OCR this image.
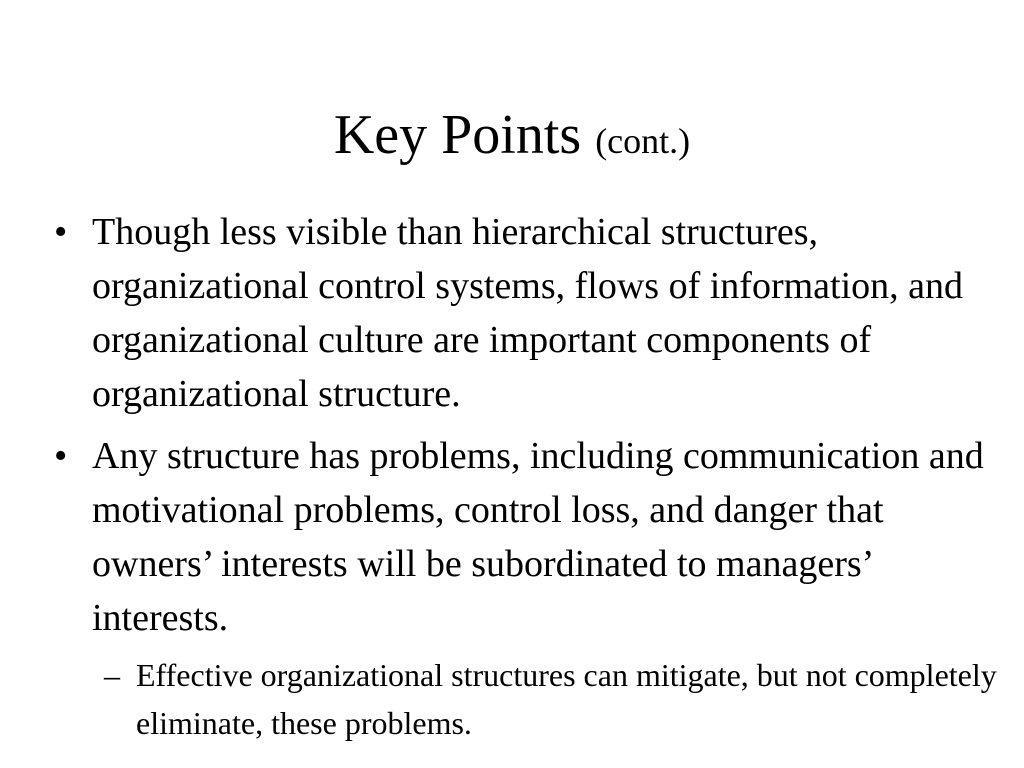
Key Points (cont.)
• Though less visible than hierarchical structures, organizational control systems, flows of information, and organizational culture are important components of organizational structure.
• Any structure has problems, including communication and motivational problems, control loss, and danger that owners’ interests will be subordinated to managers’ interests.
– Effective organizational structures can mitigate, but not completely eliminate, these problems.
